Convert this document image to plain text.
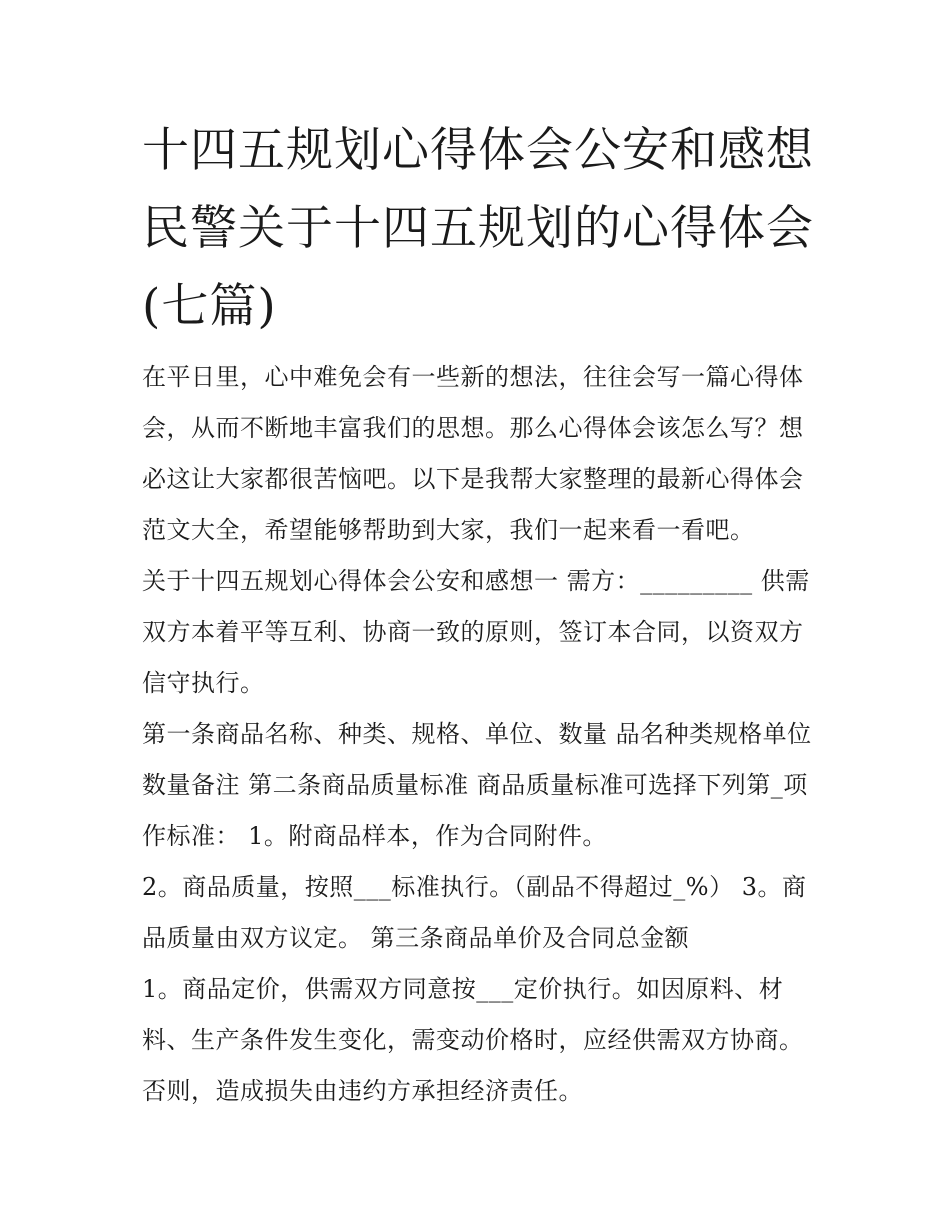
十四五规划心得体会公安和感想 民警关于十四五规划的心得体会(七篇)

在平日里，心中难免会有一些新的想法，往往会写一篇心得体会，从而不断地丰富我们的思想。那么心得体会该怎么写？想必这让大家都很苦恼吧。以下是我帮大家整理的最新心得体会范文大全，希望能够帮助到大家，我们一起来看一看吧。

关于十四五规划心得体会公安和感想一 需方：_________ 供需双方本着平等互利、协商一致的原则，签订本合同，以资双方信守执行。

第一条商品名称、种类、规格、单位、数量 品名种类规格单位数量备注 第二条商品质量标准 商品质量标准可选择下列第_项作标准： 1。附商品样本，作为合同附件。

2。商品质量，按照___标准执行。（副品不得超过_%） 3。商品质量由双方议定。 第三条商品单价及合同总金额

1。商品定价，供需双方同意按___定价执行。如因原料、材料、生产条件发生变化，需变动价格时，应经供需双方协商。否则，造成损失由违约方承担经济责任。
